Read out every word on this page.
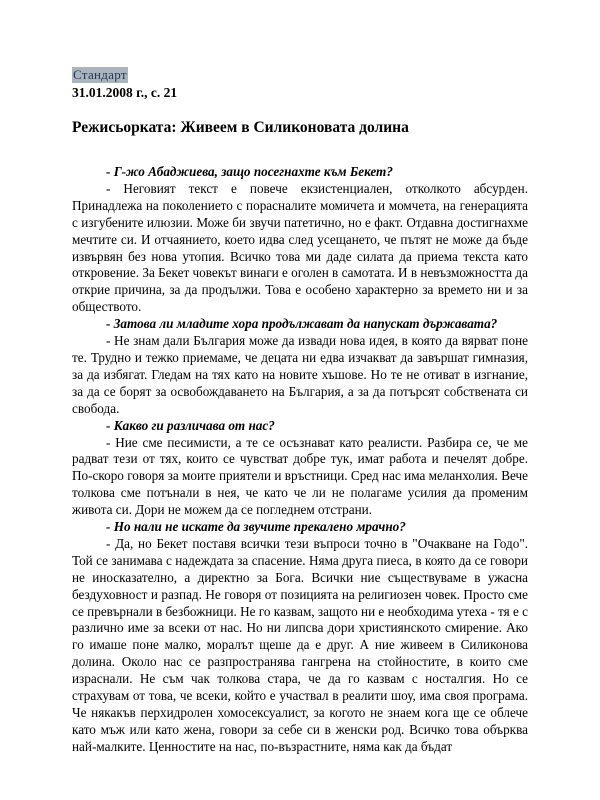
Стандарт
31.01.2008 г., с. 21
Режисьорката: Живеем в Силиконовата долина

- Г-жо Абаджиева, защо посегнахте към Бекет?

- Неговият текст е повече екзистенциален, отколкото абсурден. Принадлежа на поколението с порасналите момичета и момчета, на генерацията с изгубените илюзии. Може би звучи патетично, но е факт. Отдавна достигнахме мечтите си. И отчаянието, което идва след усещането, че пътят не може да бъде извървян без нова утопия. Всичко това ми даде силата да приема текста като откровение. За Бекет човекът винаги е оголен в самотата. И в невъзможността да открие причина, за да продължи. Това е особено характерно за времето ни и за обществото.

- Затова ли младите хора продължават да напускат държавата?

- Не знам дали България може да извади нова идея, в която да вярват поне те. Трудно и тежко приемаме, че децата ни едва изчакват да завършат гимназия, за да избягат. Гледам на тях като на новите хъшове. Но те не отиват в изгнание, за да се борят за освобождаването на България, а за да потърсят собствената си свобода.

- Какво ги различава от нас?

- Ние сме песимисти, а те се осъзнават като реалисти. Разбира се, че ме радват тези от тях, които се чувстват добре тук, имат работа и печелят добре. По-скоро говоря за моите приятели и връстници. Сред нас има меланхолия. Вече толкова сме потънали в нея, че като че ли не полагаме усилия да променим живота си. Дори не можем да се погледнем отстрани.

- Но нали не искате да звучите прекалено мрачно?

- Да, но Бекет поставя всички тези въпроси точно в "Очакване на Годо". Той се занимава с надеждата за спасение. Няма друга пиеса, в която да се говори не иносказателно, а директно за Бога. Всички ние съществуваме в ужасна бездуховност и разпад. Не говоря от позицията на религиозен човек. Просто сме се превърнали в безбожници. Не го казвам, защото ни е необходима утеха - тя е с различно име за всеки от нас. Но ни липсва дори християнското смирение. Ако го имаше поне малко, моралът щеше да е друг. А ние живеем в Силиконова долина. Около нас се разпространява гангрена на стойностите, в които сме израснали. Не съм чак толкова стара, че да го казвам с носталгия. Но се страхувам от това, че всеки, който е участвал в реалити шоу, има своя програма. Че някакъв перхидролен хомосексуалист, за когото не знаем кога ще се облече като мъж или като жена, говори за себе си в женски род. Всичко това обърква най-малките. Ценностите на нас, по-възрастните, няма как да бъдат
